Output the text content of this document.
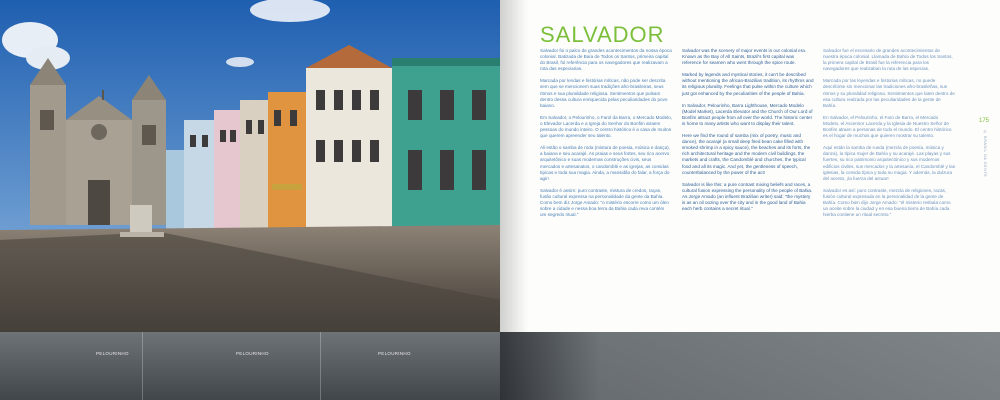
SALVADOR

Salvador foi o palco de grandes acontecimentos da nossa época colonial. Batizada de Baía de Todos os Santos, primeira capital do Brasil, foi referência para os navegadores que realizavam a rota das especiarias.

Marcada por lendas e histórias míticas, não pode ser descrita sem que se mencionem suas tradições afro-brasileiras, seus ritmos e sua pluralidade religiosa. Sentimentos que pulsam dentro dessa cultura enriquecida pelas peculiaridades do povo baiano.

Em Salvador, o Pelourinho, o Farol da Barra, o Mercado Modelo, o Elevador Lacerda e a Igreja do Senhor do Bonfim atraem pessoas do mundo inteiro. O centro histórico é a casa de muitos que querem apreender seu talento.

Ali estão o samba de roda (mistura de poesia, música e dança), a baiana e seu acarajé. As praias e seus fortes, seu rico acervo arquitetônico e suas modernas construções civis, seus mercados e artesanatos, o candomblé e as igrejas, as comidas típicas e toda sua magia. Ainda, a mansidão do falar, a força do agir!

Salvador é assim: puro contraste, mistura de credos, raças, fusão cultural expressa na personalidade da gente da Bahia. Como bem diz Jorge Amado: "o mistério escorre como um óleo sobre a cidade e nessa boa terra da Bahia cada reva contém um segredo ritual."

Salvador was the scenery of major events in our colonial era. Known as the Bay of All Saints, Brazil's first capital was reference for seamen who went through the spice route.

Marked by legends and mystical stories, it can't be described without mentioning the african-Brazilian tradition, its rhythms and its religious plurality. Feelings that pulse within the culture which just got enhanced by the peculiarities of the people of Bahia.

In Salvador, Pelourinho, Barra Lighthouse, Mercado Modelo (Model Market), Lacerda Elevator and the Church of Our Lord of Bonfim attract people from all over the world. The historic center is home to many artists who want to display their talent.

Here we find the round of samba (mix of poetry, music and dance), the acarajé (a small deep fried bean cake filled with smoked shrimp in a spicy sauce), the beaches and its forts, the rich architectural heritage and the modern civil buildings, the markets and crafts, the Candomblé and churches, the typical food and all its magic. And yet, the gentleness of speech, counterbalanced by the power of the act!

Salvador is like this: a pure contrast mixing beliefs and races, a cultural fusion expressing the personality of the people of Bahia. As Jorge Amado (an influent Brazilian writer) said: "the mystery is as an oil oozing over the city and in the good land of Bahia each herb contains a secret ritual."

Salvador fue el escenario de grandes acontecimientos de nuestra época colonial. Llamada de Bahía de Todos los Santos, la primera capital de Brasil fue la referencia para los navegadores que realizaban la ruta de las especias.

Marcada por las leyendas e historias míticas, no puede describirse sin mencionar las tradiciones afro-brasileñas, sus ritmos y su pluralidad religiosa. Sentimientos que laten dentro de esa cultura realzada por las peculiaridades de la gente de Bahía.

En Salvador, el Pelourinho, el Faro de Barra, el Mercado Modelo, el Ascensor Lacerda y la Iglesia de Nuestro Señor de Bonfim atraen a personas de todo el mundo. El centro histórico es el hogar de muchos que quieren mostrar su talento.

Aquí están la samba de rueda (mezcla de poesía, música y danza), la típica mujer de Bahía y su acarajé. Las playas y sus fuertes, su rico patrimonio arquitectónico y sus modernos edificios civiles, sus mercados y la artesanía, el Candomblé y las iglesias, la comida típica y toda su magia. Y además, la dulzura del acento, ¡la fuerza del actuar!

Salvador es así: puro contraste, mezcla de religiones, razas, fusión cultural expresada en la personalidad de la gente de Bahía. Como bien dijo Jorge Amado: "el misterio resbala como un aceite sobre la ciudad y en esa buena tierra de Bahía cada hierba contiene un ritual secreto."

175
© BRASIL DA GENTE
PELOURINHO	PELOURINHO	PELOURINHO
